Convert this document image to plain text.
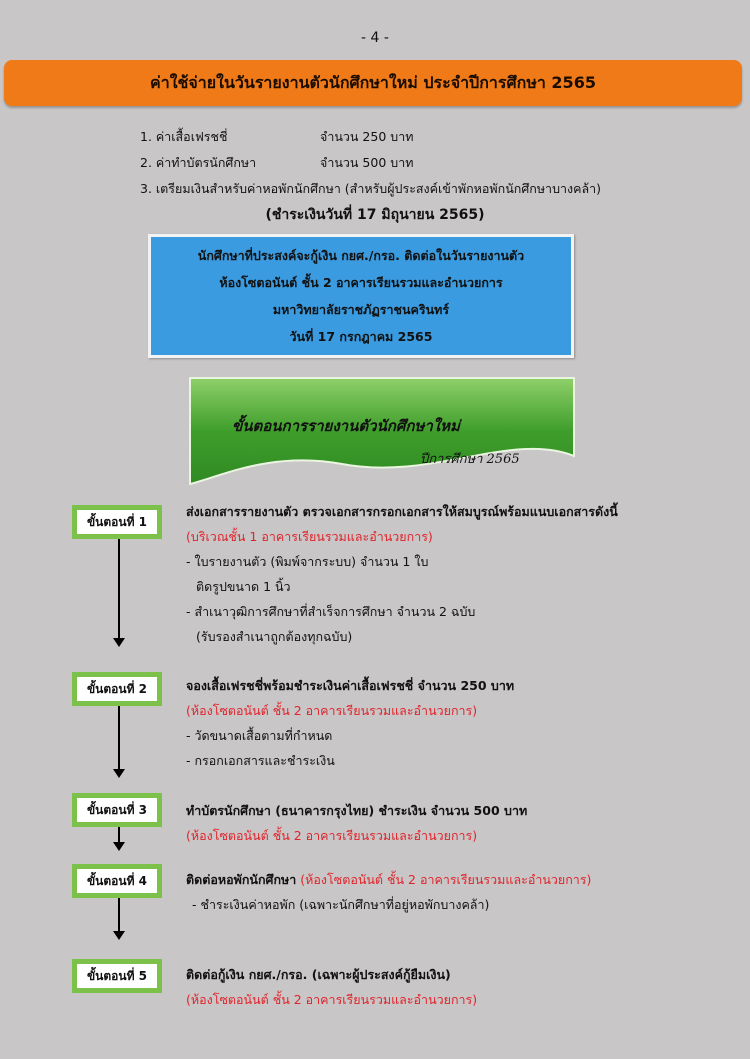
- 4 -
ค่าใช้จ่ายในวันรายงานตัวนักศึกษาใหม่ ประจำปีการศึกษา 2565
1. ค่าเสื้อเฟรชชี่	จำนวน 250 บาท
2. ค่าทำบัตรนักศึกษา	จำนวน 500 บาท
3. เตรียมเงินสำหรับค่าหอพักนักศึกษา (สำหรับผู้ประสงค์เข้าพักหอพักนักศึกษาบางคล้า)
(ชำระเงินวันที่ 17 มิถุนายน 2565)
นักศึกษาที่ประสงค์จะกู้เงิน กยศ./กรอ. ติดต่อในวันรายงานตัว
ห้องโซตอนันต์ ชั้น 2 อาคารเรียนรวมและอำนวยการ
มหาวิทยาลัยราชภัฏราชนครินทร์
วันที่ 17 กรกฎาคม 2565
ขั้นตอนการรายงานตัวนักศึกษาใหม่
ปีการศึกษา 2565
ขั้นตอนที่ 1
ส่งเอกสารรายงานตัว ตรวจเอกสารกรอกเอกสารให้สมบูรณ์พร้อมแนบเอกสารดังนี้
(บริเวณชั้น 1 อาคารเรียนรวมและอำนวยการ)
- ใบรายงานตัว (พิมพ์จากระบบ) จำนวน 1 ใบ
ติดรูปขนาด 1 นิ้ว
- สำเนาวุฒิการศึกษาที่สำเร็จการศึกษา จำนวน 2 ฉบับ
(รับรองสำเนาถูกต้องทุกฉบับ)
ขั้นตอนที่ 2	จองเสื้อเฟรชชี่พร้อมชำระเงินค่าเสื้อเฟรชชี่ จำนวน 250 บาท
(ห้องโซตอนันต์ ชั้น 2 อาคารเรียนรวมและอำนวยการ)
- วัดขนาดเสื้อตามที่กำหนด
- กรอกเอกสารและชำระเงิน
ขั้นตอนที่ 3	ทำบัตรนักศึกษา (ธนาคารกรุงไทย) ชำระเงิน จำนวน 500 บาท
(ห้องโซตอนันต์ ชั้น 2 อาคารเรียนรวมและอำนวยการ)
ขั้นตอนที่ 4	ติดต่อหอพักนักศึกษา (ห้องโซตอนันต์ ชั้น 2 อาคารเรียนรวมและอำนวยการ)
- ชำระเงินค่าหอพัก (เฉพาะนักศึกษาที่อยู่หอพักบางคล้า)
ขั้นตอนที่ 5	ติดต่อกู้เงิน กยศ./กรอ. (เฉพาะผู้ประสงค์กู้ยืมเงิน)
(ห้องโซตอนันต์ ชั้น 2 อาคารเรียนรวมและอำนวยการ)
